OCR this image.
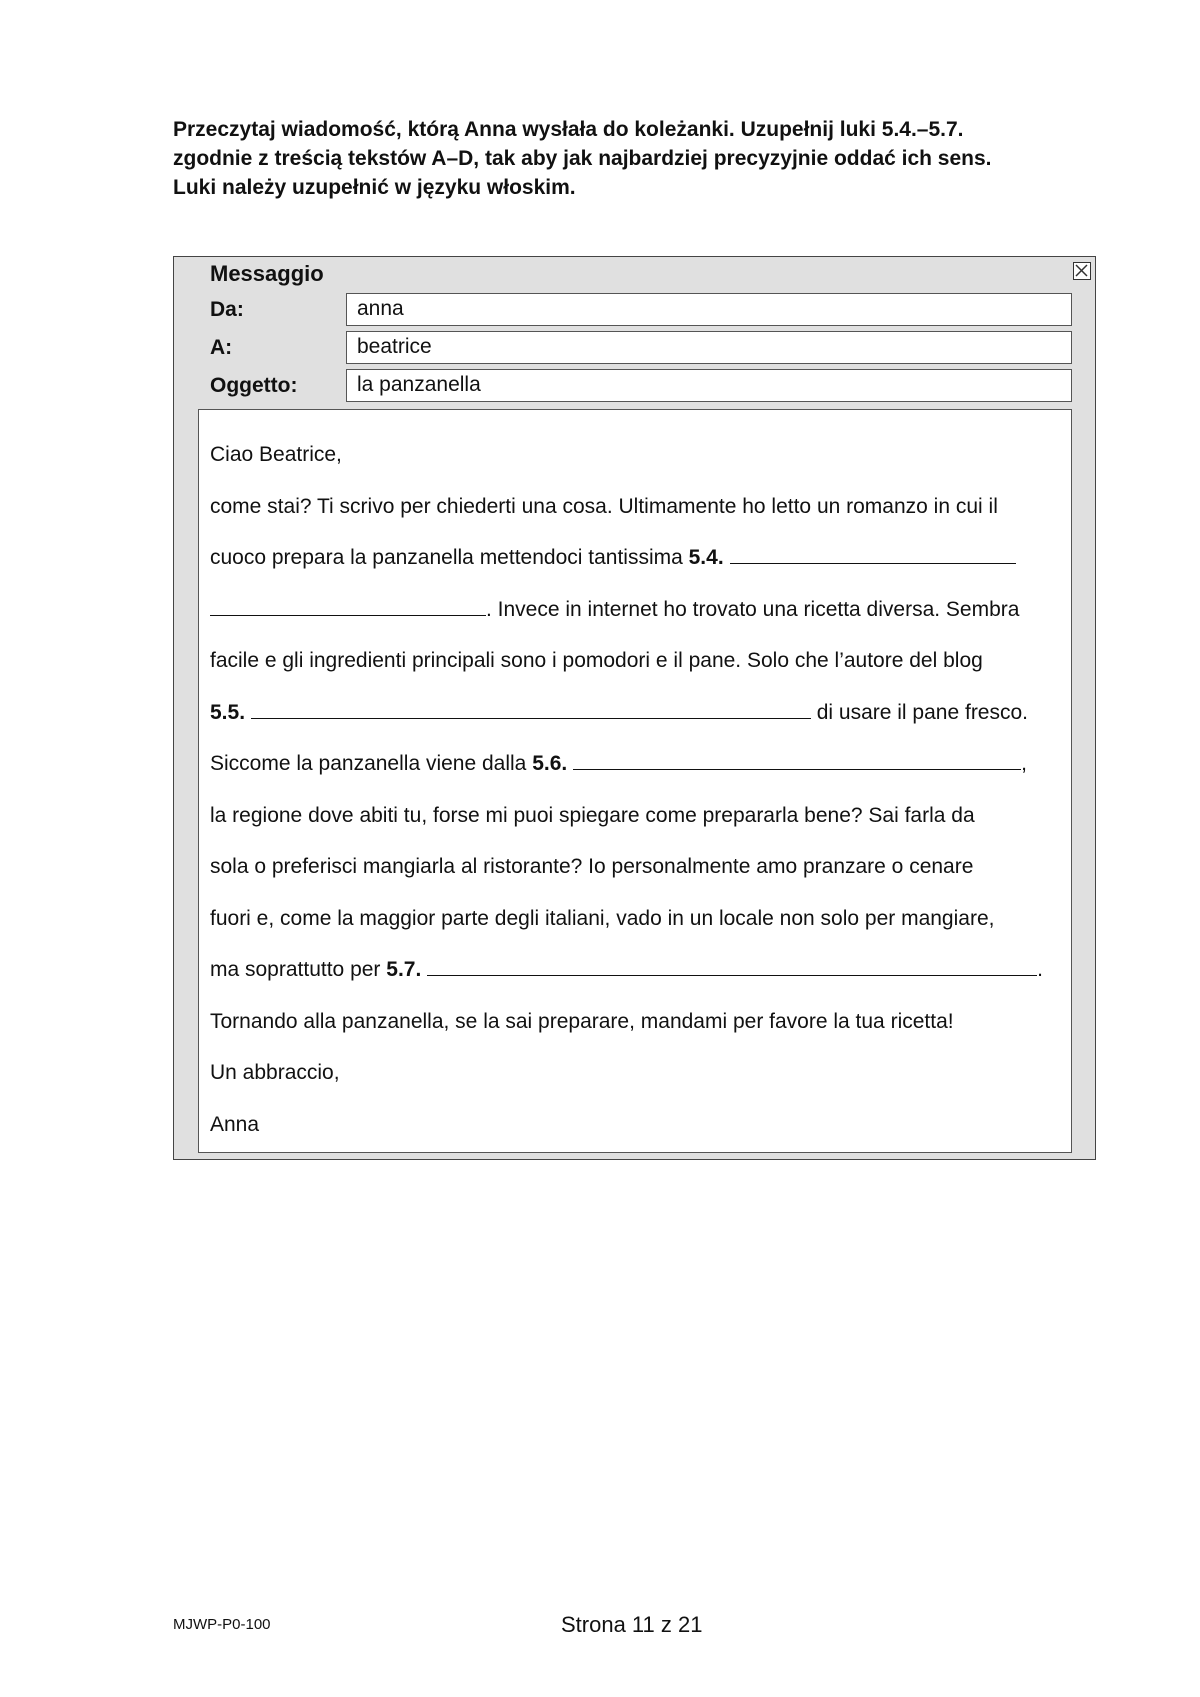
Przeczytaj wiadomość, którą Anna wysłała do koleżanki. Uzupełnij luki 5.4.–5.7.
zgodnie z treścią tekstów A–D, tak aby jak najbardziej precyzyjnie oddać ich sens.
Luki należy uzupełnić w języku włoskim.
Messaggio
Da:	anna
A:	beatrice
Oggetto:	la panzanella
Ciao Beatrice,
come stai? Ti scrivo per chiederti una cosa. Ultimamente ho letto un romanzo in cui il
cuoco prepara la panzanella mettendoci tantissima 5.4.
. Invece in internet ho trovato una ricetta diversa. Sembra
facile e gli ingredienti principali sono i pomodori e il pane. Solo che l’autore del blog
5.5.	di usare il pane fresco.
Siccome la panzanella viene dalla 5.6.	,
la regione dove abiti tu, forse mi puoi spiegare come prepararla bene? Sai farla da
sola o preferisci mangiarla al ristorante? Io personalmente amo pranzare o cenare
fuori e, come la maggior parte degli italiani, vado in un locale non solo per mangiare,
ma soprattutto per 5.7.	.
Tornando alla panzanella, se la sai preparare, mandami per favore la tua ricetta!
Un abbraccio,
Anna
MJWP-P0-100	Strona 11 z 21
